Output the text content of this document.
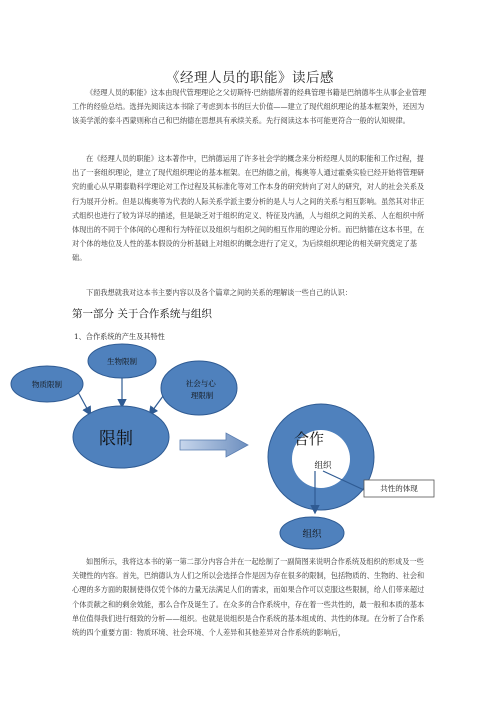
《经理人员的职能》读后感

《经理人员的职能》这本由现代管理理论之父切斯特·巴纳德所著的经典管理书籍是巴纳德毕生从事企业管理工作的经验总结。选择先阅读这本书除了考虑到本书的巨大价值——建立了现代组织理论的基本框架外，还因为该美学派的泰斗西蒙则称自己和巴纳德在思想具有承续关系。先行阅读这本书可能更符合一般的认知规律。

在《经理人员的职能》这本著作中，巴纳德运用了许多社会学的概念来分析经理人员的职能和工作过程，提出了一套组织理论，建立了现代组织理论的基本框架。在巴纳德之前，梅奥等人通过霍桑实验已经开始将管理研究的重心从早期泰勒科学理论对工作过程及其标准化等对工作本身的研究转向了对人的研究，对人的社会关系及行为展开分析。但是以梅奥等为代表的人际关系学派主要分析的是人与人之间的关系与相互影响。虽然其对非正式组织也进行了较为详尽的描述，但是缺乏对于组织的定义、特征及内涵，人与组织之间的关系、人在组织中所体现出的不同于个体间的心理和行为特征以及组织与组织之间的相互作用的理论分析。而巴纳德在这本书里，在对个体的地位及人性的基本假设的分析基础上对组织的概念进行了定义，为后续组织理论的相关研究奠定了基础。

下面我想就我对这本书主要内容以及各个篇章之间的关系的理解谈一些自己的认识：

第一部分 关于合作系统与组织
1、合作系统的产生及其特性
物质限制
生物限制
社会与心 理限制
限制	合作
组织
共性的体现
组织

如图所示，我将这本书的第一第二部分内容合并在一起绘制了一副简图来说明合作系统及组织的形成及一些关键性的内容。首先，巴纳德认为人们之所以会选择合作是因为存在很多的限制，包括物质的、生物的、社会和心理的多方面的限制使得仅凭个体的力量无法满足人们的需求，而如果合作可以克服这些限制，给人们带来超过个体贡献之和的剩余效能，那么合作及诞生了。在众多的合作系统中，存在着一些共性的，最一般和本质的基本单位值得我们进行细致的分析——组织。也就是说组织是合作系统的基本组成的、共性的体现。在分析了合作系统的四个重要方面：物质环境、社会环境、个人差异和其他差异对合作系统的影响后，
